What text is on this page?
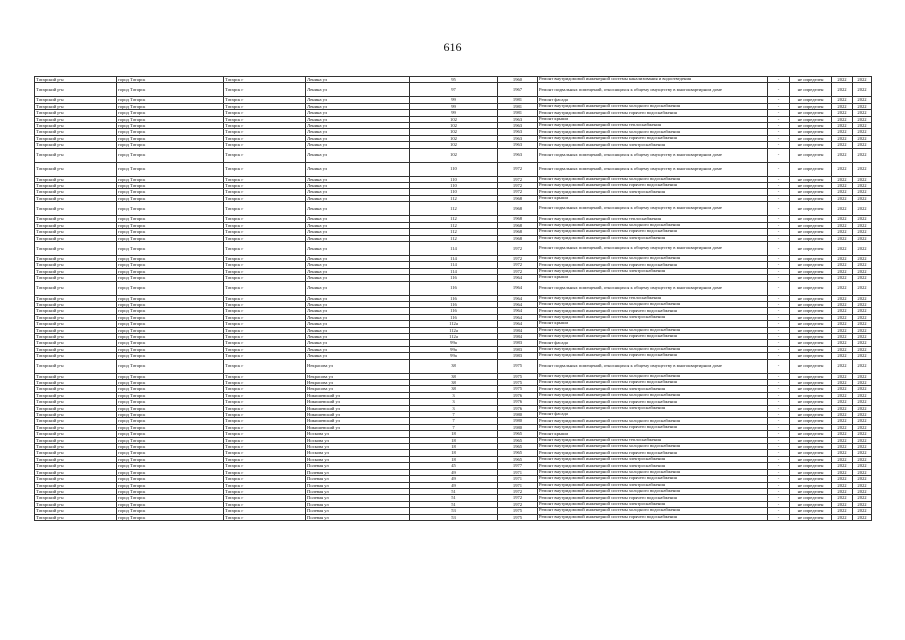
616
Татарский р-н	город Татарск	Татарск г	Ленина ул	95	1960	Ремонт внутридомовой инженерной системы канализования и водоотведения	-	не определен	2022	2022
Татарский р-н	город Татарск	Татарск г	Ленина ул	97	1967	Ремонт подвальных помещений, относящихся к общему имуществу в многоквартирном доме	-	не определен	2022	2022
Татарский р-н	город Татарск	Татарск г	Ленина ул	99	1981	Ремонт фасада	-	не определен	2022	2022
Татарский р-н	город Татарск	Татарск г	Ленина ул	99	1981	Ремонт внутридомовой инженерной системы холодного водоснабжения	-	не определен	2022	2022
Татарский р-н	город Татарск	Татарск г	Ленина ул	99	1981	Ремонт внутридомовой инженерной системы горячего водоснабжения	-	не определен	2022	2022
Татарский р-н	город Татарск	Татарск г	Ленина ул	102	1963	Ремонт крыши	-	не определен	2022	2022
Татарский р-н	город Татарск	Татарск г	Ленина ул	102	1963	Ремонт внутридомовой инженерной системы теплоснабжения	-	не определен	2022	2022
Татарский р-н	город Татарск	Татарск г	Ленина ул	102	1963	Ремонт внутридомовой инженерной системы холодного водоснабжения	-	не определен	2022	2022
Татарский р-н	город Татарск	Татарск г	Ленина ул	102	1963	Ремонт внутридомовой инженерной системы горячего водоснабжения	-	не определен	2022	2022
Татарский р-н	город Татарск	Татарск г	Ленина ул	102	1963	Ремонт внутридомовой инженерной системы электроснабжения	-	не определен	2022	2022
Татарский р-н	город Татарск	Татарск г	Ленина ул	102	1963	Ремонт подвальных помещений, относящихся к общему имуществу в многоквартирном доме	-	не определен	2022	2022
Татарский р-н	город Татарск	Татарск г	Ленина ул	110	1972	Ремонт подвальных помещений, относящихся к общему имуществу в многоквартирном доме	-	не определен	2022	2022
Татарский р-н	город Татарск	Татарск г	Ленина ул	110	1972	Ремонт внутридомовой инженерной системы холодного водоснабжения	-	не определен	2022	2022
Татарский р-н	город Татарск	Татарск г	Ленина ул	110	1972	Ремонт внутридомовой инженерной системы горячего водоснабжения	-	не определен	2022	2022
Татарский р-н	город Татарск	Татарск г	Ленина ул	110	1972	Ремонт внутридомовой инженерной системы электроснабжения	-	не определен	2022	2022
Татарский р-н	город Татарск	Татарск г	Ленина ул	112	1968	Ремонт крыши	-	не определен	2022	2022
Татарский р-н	город Татарск	Татарск г	Ленина ул	112	1968	Ремонт подвальных помещений, относящихся к общему имуществу в многоквартирном доме	-	не определен	2022	2022
Татарский р-н	город Татарск	Татарск г	Ленина ул	112	1968	Ремонт внутридомовой инженерной системы теплоснабжения	-	не определен	2022	2022
Татарский р-н	город Татарск	Татарск г	Ленина ул	112	1968	Ремонт внутридомовой инженерной системы холодного водоснабжения	-	не определен	2022	2022
Татарский р-н	город Татарск	Татарск г	Ленина ул	112	1968	Ремонт внутридомовой инженерной системы горячего водоснабжения	-	не определен	2022	2022
Татарский р-н	город Татарск	Татарск г	Ленина ул	112	1968	Ремонт внутридомовой инженерной системы электроснабжения	-	не определен	2022	2022
Татарский р-н	город Татарск	Татарск г	Ленина ул	114	1972	Ремонт подвальных помещений, относящихся к общему имуществу в многоквартирном доме	-	не определен	2022	2022
Татарский р-н	город Татарск	Татарск г	Ленина ул	114	1972	Ремонт внутридомовой инженерной системы холодного водоснабжения	-	не определен	2022	2022
Татарский р-н	город Татарск	Татарск г	Ленина ул	114	1972	Ремонт внутридомовой инженерной системы горячего водоснабжения	-	не определен	2022	2022
Татарский р-н	город Татарск	Татарск г	Ленина ул	114	1972	Ремонт внутридомовой инженерной системы электроснабжения	-	не определен	2022	2022
Татарский р-н	город Татарск	Татарск г	Ленина ул	116	1964	Ремонт крыши	-	не определен	2022	2022
Татарский р-н	город Татарск	Татарск г	Ленина ул	116	1964	Ремонт подвальных помещений, относящихся к общему имуществу в многоквартирном доме	-	не определен	2022	2022
Татарский р-н	город Татарск	Татарск г	Ленина ул	116	1964	Ремонт внутридомовой инженерной системы теплоснабжения	-	не определен	2022	2022
Татарский р-н	город Татарск	Татарск г	Ленина ул	116	1964	Ремонт внутридомовой инженерной системы холодного водоснабжения	-	не определен	2022	2022
Татарский р-н	город Татарск	Татарск г	Ленина ул	116	1964	Ремонт внутридомовой инженерной системы горячего водоснабжения	-	не определен	2022	2022
Татарский р-н	город Татарск	Татарск г	Ленина ул	116	1964	Ремонт внутридомовой инженерной системы электроснабжения	-	не определен	2022	2022
Татарский р-н	город Татарск	Татарск г	Ленина ул	112а	1964	Ремонт крыши	-	не определен	2022	2022
Татарский р-н	город Татарск	Татарск г	Ленина ул	112а	1984	Ремонт внутридомовой инженерной системы холодного водоснабжения	-	не определен	2022	2022
Татарский р-н	город Татарск	Татарск г	Ленина ул	112а	1984	Ремонт внутридомовой инженерной системы горячего водоснабжения	-	не определен	2022	2022
Татарский р-н	город Татарск	Татарск г	Ленина ул	99а	1983	Ремонт фасада	-	не определен	2022	2022
Татарский р-н	город Татарск	Татарск г	Ленина ул	99а	1983	Ремонт внутридомовой инженерной системы холодного водоснабжения	-	не определен	2022	2022
Татарский р-н	город Татарск	Татарск г	Ленина ул	99а	1983	Ремонт внутридомовой инженерной системы горячего водоснабжения	-	не определен	2022	2022
Татарский р-н	город Татарск	Татарск г	Некрасова ул	38	1975	Ремонт подвальных помещений, относящихся к общему имуществу в многоквартирном доме	-	не определен	2022	2022
Татарский р-н	город Татарск	Татарск г	Некрасова ул	38	1975	Ремонт внутридомовой инженерной системы холодного водоснабжения	-	не определен	2022	2022
Татарский р-н	город Татарск	Татарск г	Некрасова ул	38	1975	Ремонт внутридомовой инженерной системы горячего водоснабжения	-	не определен	2022	2022
Татарский р-н	город Татарск	Татарск г	Некрасова ул	38	1975	Ремонт внутридомовой инженерной системы электроснабжения	-	не определен	2022	2022
Татарский р-н	город Татарск	Татарск г	Никишевский ул	3	1976	Ремонт внутридомовой инженерной системы холодного водоснабжения	-	не определен	2022	2022
Татарский р-н	город Татарск	Татарск г	Никишевский ул	3	1976	Ремонт внутридомовой инженерной системы горячего водоснабжения	-	не определен	2022	2022
Татарский р-н	город Татарск	Татарск г	Никишевский ул	3	1976	Ремонт внутридомовой инженерной системы электроснабжения	-	не определен	2022	2022
Татарский р-н	город Татарск	Татарск г	Никишевский ул	7	1980	Ремонт фасада	-	не определен	2022	2022
Татарский р-н	город Татарск	Татарск г	Никишевский ул	7	1980	Ремонт внутридомовой инженерной системы холодного водоснабжения	-	не определен	2022	2022
Татарский р-н	город Татарск	Татарск г	Никишевский ул	7	1980	Ремонт внутридомовой инженерной системы горячего водоснабжения	-	не определен	2022	2022
Татарский р-н	город Татарск	Татарск г	Носкова ул	18	1965	Ремонт крыши	-	не определен	2022	2022
Татарский р-н	город Татарск	Татарск г	Носкова ул	18	1965	Ремонт внутридомовой инженерной системы теплоснабжения	-	не определен	2022	2022
Татарский р-н	город Татарск	Татарск г	Носкова ул	18	1965	Ремонт внутридомовой инженерной системы холодного водоснабжения	-	не определен	2022	2022
Татарский р-н	город Татарск	Татарск г	Носкова ул	18	1965	Ремонт внутридомовой инженерной системы горячего водоснабжения	-	не определен	2022	2022
Татарский р-н	город Татарск	Татарск г	Носкова ул	18	1965	Ремонт внутридомовой инженерной системы электроснабжения	-	не определен	2022	2022
Татарский р-н	город Татарск	Татарск г	Полевая ул	45	1977	Ремонт внутридомовой инженерной системы электроснабжения	-	не определен	2022	2022
Татарский р-н	город Татарск	Татарск г	Полевая ул	49	1971	Ремонт внутридомовой инженерной системы холодного водоснабжения	-	не определен	2022	2022
Татарский р-н	город Татарск	Татарск г	Полевая ул	49	1971	Ремонт внутридомовой инженерной системы горячего водоснабжения	-	не определен	2022	2022
Татарский р-н	город Татарск	Татарск г	Полевая ул	49	1971	Ремонт внутридомовой инженерной системы электроснабжения	-	не определен	2022	2022
Татарский р-н	город Татарск	Татарск г	Полевая ул	51	1972	Ремонт внутридомовой инженерной системы холодного водоснабжения	-	не определен	2022	2022
Татарский р-н	город Татарск	Татарск г	Полевая ул	51	1972	Ремонт внутридомовой инженерной системы горячего водоснабжения	-	не определен	2022	2022
Татарский р-н	город Татарск	Татарск г	Полевая ул	51	1972	Ремонт внутридомовой инженерной системы электроснабжения	-	не определен	2022	2022
Татарский р-н	город Татарск	Татарск г	Полевая ул	53	1975	Ремонт внутридомовой инженерной системы холодного водоснабжения	-	не определен	2022	2022
Татарский р-н	город Татарск	Татарск г	Полевая ул	53	1975	Ремонт внутридомовой инженерной системы горячего водоснабжения	-	не определен	2022	2022
